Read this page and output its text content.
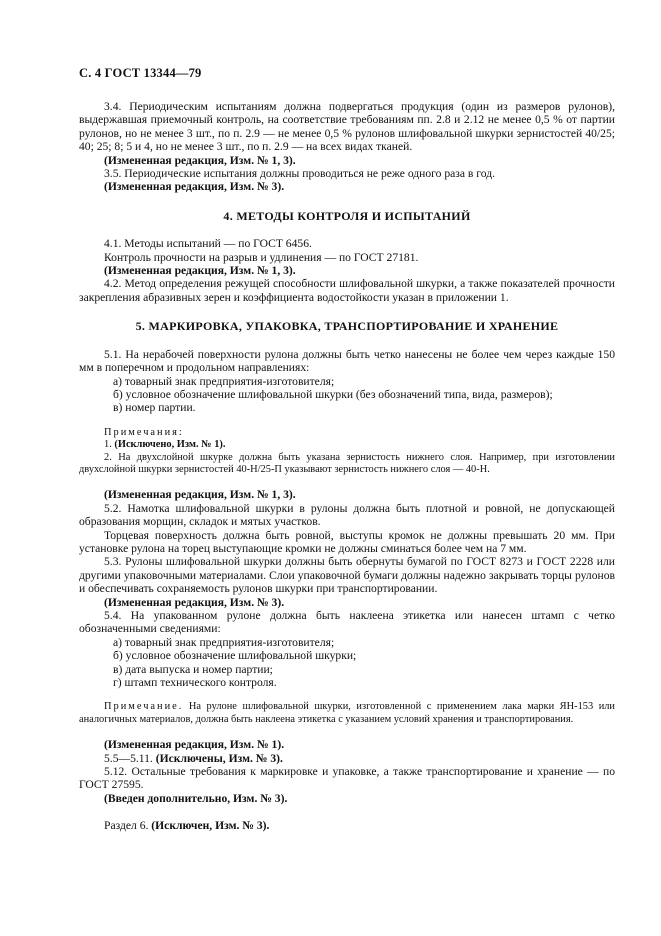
С. 4 ГОСТ 13344—79

3.4. Периодическим испытаниям должна подвергаться продукция (один из размеров рулонов), выдержавшая приемочный контроль, на соответствие требованиям пп. 2.8 и 2.12 не менее 0,5 % от партии рулонов, но не менее 3 шт., по п. 2.9 — не менее 0,5 % рулонов шлифовальной шкурки зернистостей 40/25; 40; 25; 8; 5 и 4, но не менее 3 шт., по п. 2.9 — на всех видах тканей.

(Измененная редакция, Изм. № 1, 3).

3.5. Периодические испытания должны проводиться не реже одного раза в год.

(Измененная редакция, Изм. № 3).

4. МЕТОДЫ КОНТРОЛЯ И ИСПЫТАНИЙ

4.1. Методы испытаний — по ГОСТ 6456.

Контроль прочности на разрыв и удлинения — по ГОСТ 27181.

(Измененная редакция, Изм. № 1, 3).

4.2. Метод определения режущей способности шлифовальной шкурки, а также показателей прочности закрепления абразивных зерен и коэффициента водостойкости указан в приложении 1.

5. МАРКИРОВКА, УПАКОВКА, ТРАНСПОРТИРОВАНИЕ И ХРАНЕНИЕ

5.1. На нерабочей поверхности рулона должны быть четко нанесены не более чем через каждые 150 мм в поперечном и продольном направлениях:

а) товарный знак предприятия-изготовителя;

б) условное обозначение шлифовальной шкурки (без обозначений типа, вида, размеров);

в) номер партии.

Примечания:

1. (Исключено, Изм. № 1).

2. На двухслойной шкурке должна быть указана зернистость нижнего слоя. Например, при изготовлении двухслойной шкурки зернистостей 40-Н/25-П указывают зернистость нижнего слоя — 40-Н.

(Измененная редакция, Изм. № 1, 3).

5.2. Намотка шлифовальной шкурки в рулоны должна быть плотной и ровной, не допускающей образования морщин, складок и мятых участков.

Торцевая поверхность должна быть ровной, выступы кромок не должны превышать 20 мм. При установке рулона на торец выступающие кромки не должны сминаться более чем на 7 мм.

5.3. Рулоны шлифовальной шкурки должны быть обернуты бумагой по ГОСТ 8273 и ГОСТ 2228 или другими упаковочными материалами. Слои упаковочной бумаги должны надежно закрывать торцы рулонов и обеспечивать сохраняемость рулонов шкурки при транспортировании.

(Измененная редакция, Изм. № 3).

5.4. На упакованном рулоне должна быть наклеена этикетка или нанесен штамп с четко обозначенными сведениями:

а) товарный знак предприятия-изготовителя;

б) условное обозначение шлифовальной шкурки;

в) дата выпуска и номер партии;

г) штамп технического контроля.

Примечание. На рулоне шлифовальной шкурки, изготовленной с применением лака марки ЯН-153 или аналогичных материалов, должна быть наклеена этикетка с указанием условий хранения и транспортирования.

(Измененная редакция, Изм. № 1).

5.5—5.11. (Исключены, Изм. № 3).

5.12. Остальные требования к маркировке и упаковке, а также транспортирование и хранение — по ГОСТ 27595.

(Введен дополнительно, Изм. № 3).

Раздел 6. (Исключен, Изм. № 3).
